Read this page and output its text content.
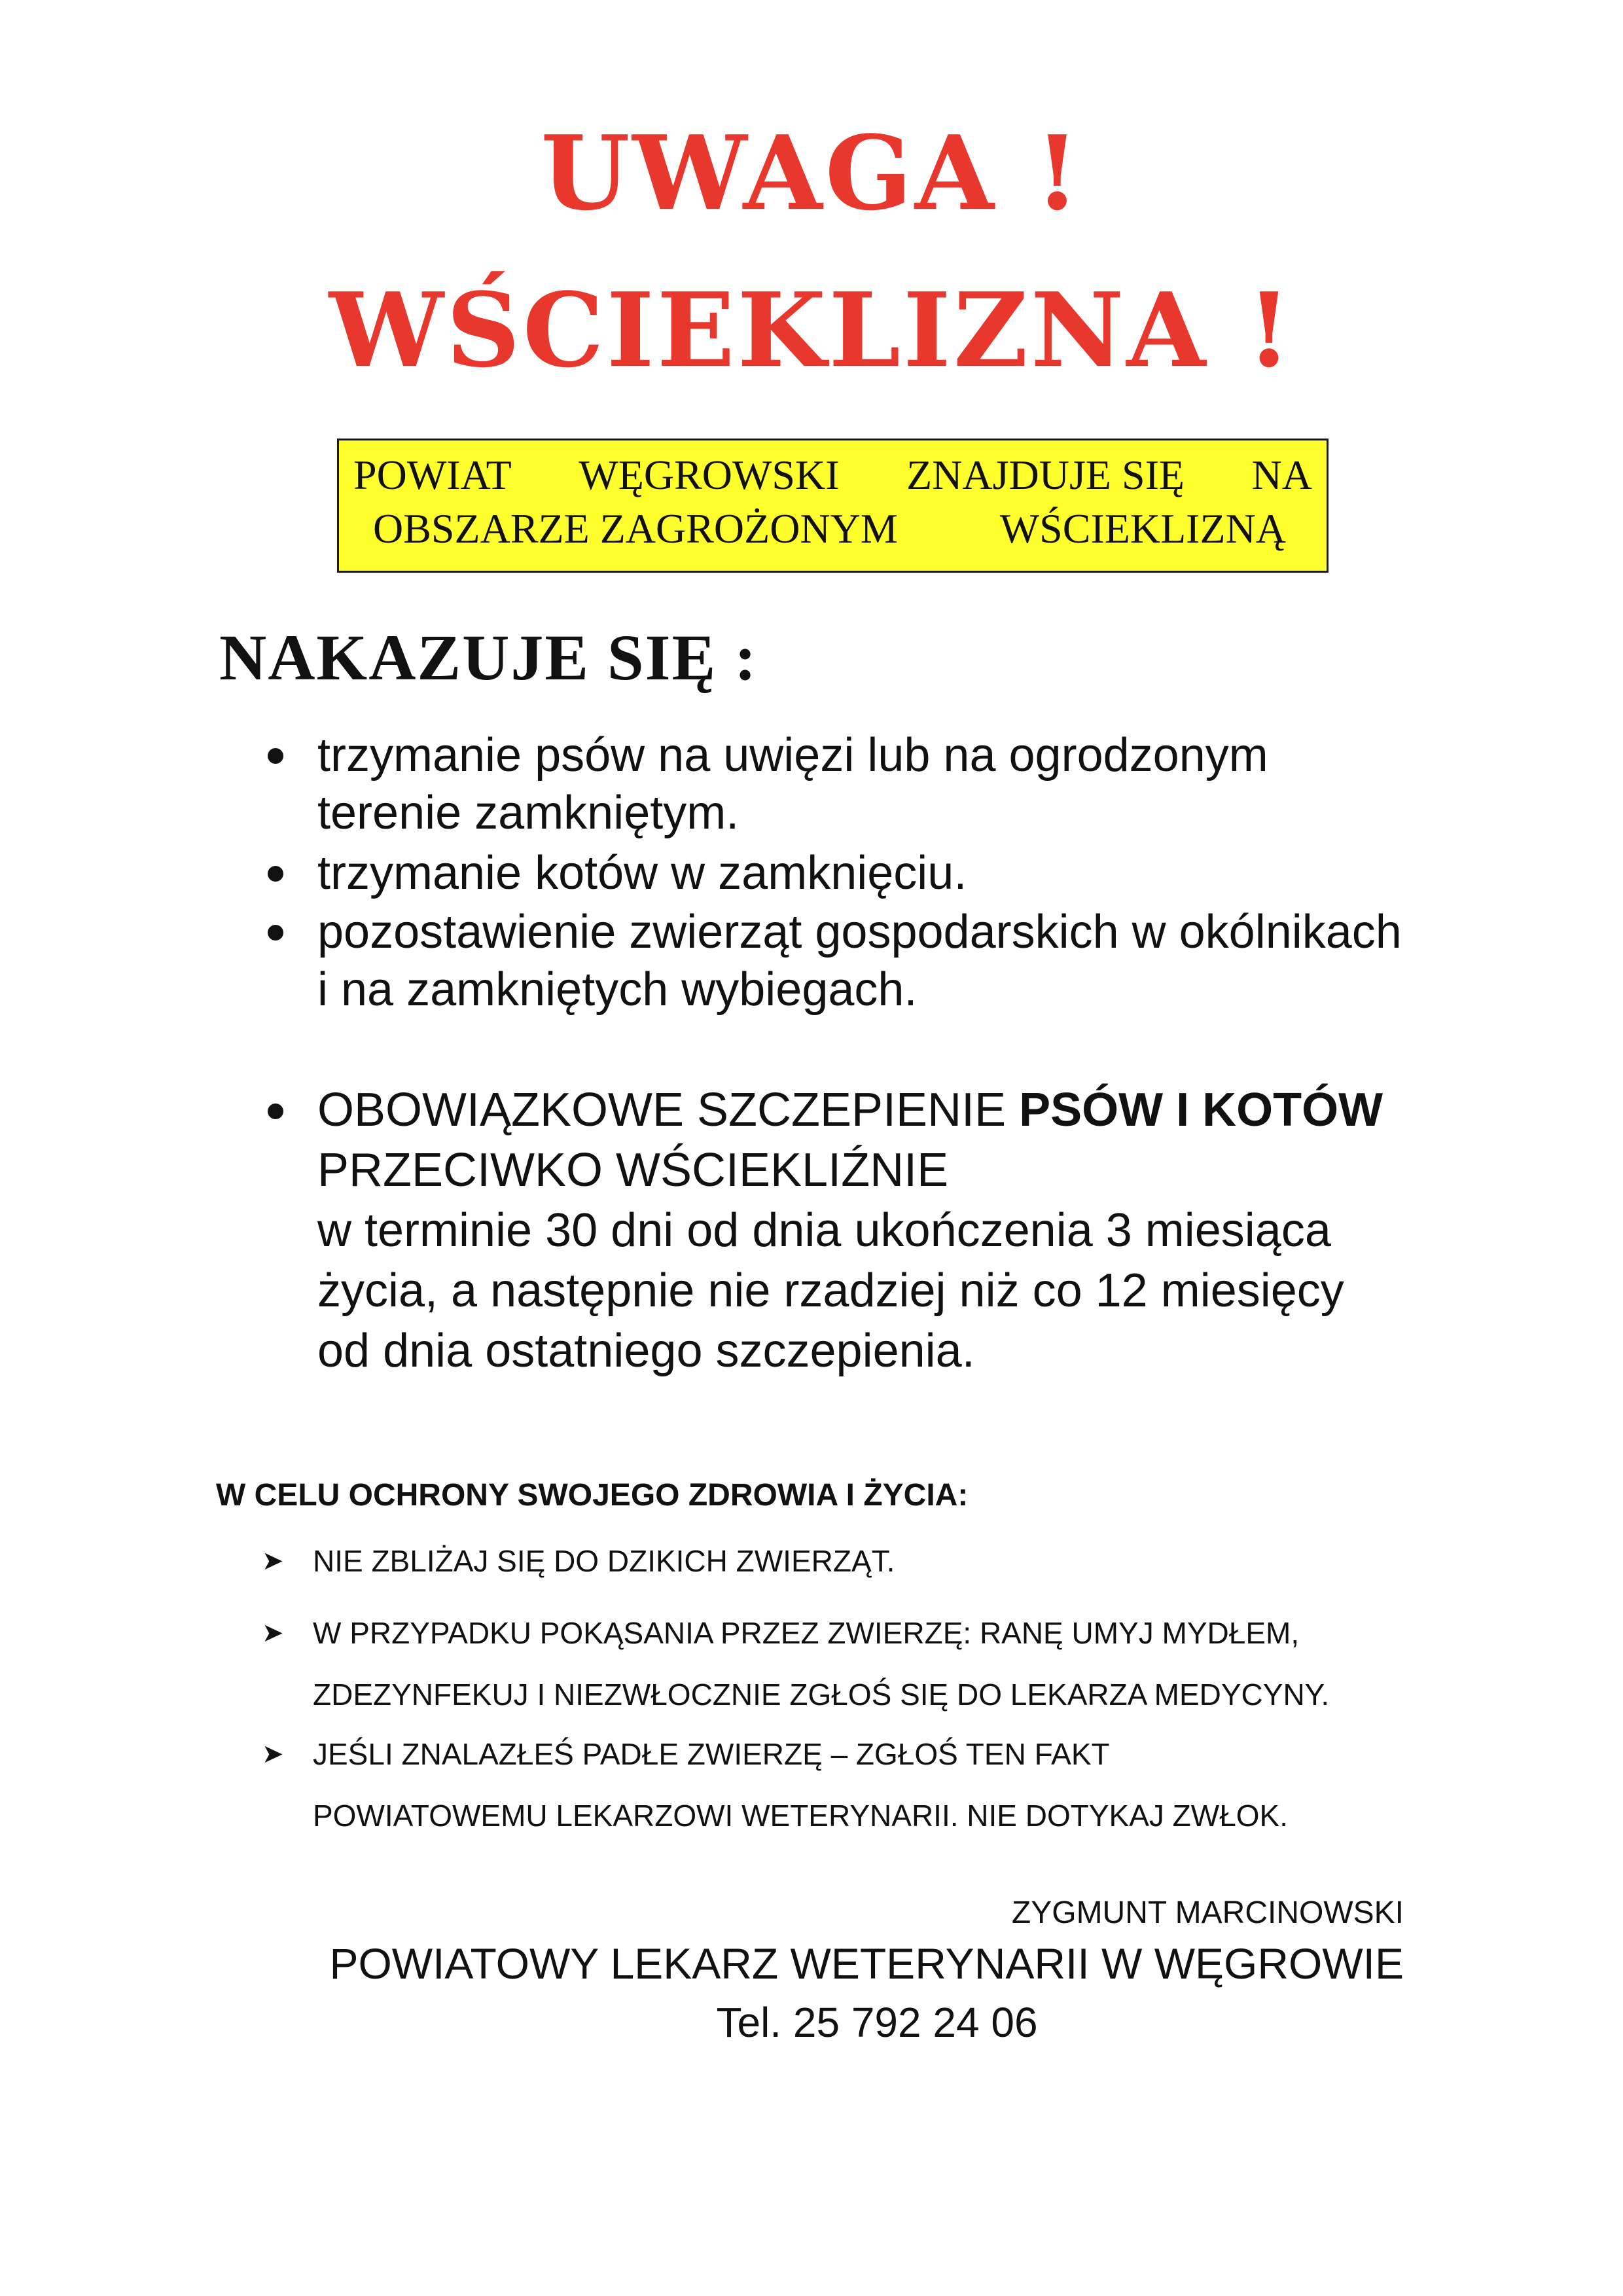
UWAGA !
WŚCIEKLIZNA !
POWIAT WĘGROWSKI ZNAJDUJE SIĘ NA
OBSZARZE ZAGROŻONYM WŚCIEKLIZNĄ
NAKAZUJE SIĘ :
trzymanie psów na uwięzi lub na ogrodzonym
terenie zamkniętym.
trzymanie kotów w zamknięciu.
pozostawienie zwierząt gospodarskich w okólnikach
i na zamkniętych wybiegach.
OBOWIĄZKOWE SZCZEPIENIE PSÓW I KOTÓW
PRZECIWKO WŚCIEKLIŹNIE
w terminie 30 dni od dnia ukończenia 3 miesiąca
życia, a następnie nie rzadziej niż co 12 miesięcy
od dnia ostatniego szczepienia.
W CELU OCHRONY SWOJEGO ZDROWIA I ŻYCIA:
➤ NIE ZBLIŻAJ SIĘ DO DZIKICH ZWIERZĄT.
➤ W PRZYPADKU POKĄSANIA PRZEZ ZWIERZĘ: RANĘ UMYJ MYDŁEM,
ZDEZYNFEKUJ I NIEZWŁOCZNIE ZGŁOŚ SIĘ DO LEKARZA MEDYCYNY.
➤ JEŚLI ZNALAZŁEŚ PADŁE ZWIERZĘ – ZGŁOŚ TEN FAKT
POWIATOWEMU LEKARZOWI WETERYNARII. NIE DOTYKAJ ZWŁOK.
ZYGMUNT MARCINOWSKI
POWIATOWY LEKARZ WETERYNARII W WĘGROWIE
Tel. 25 792 24 06
